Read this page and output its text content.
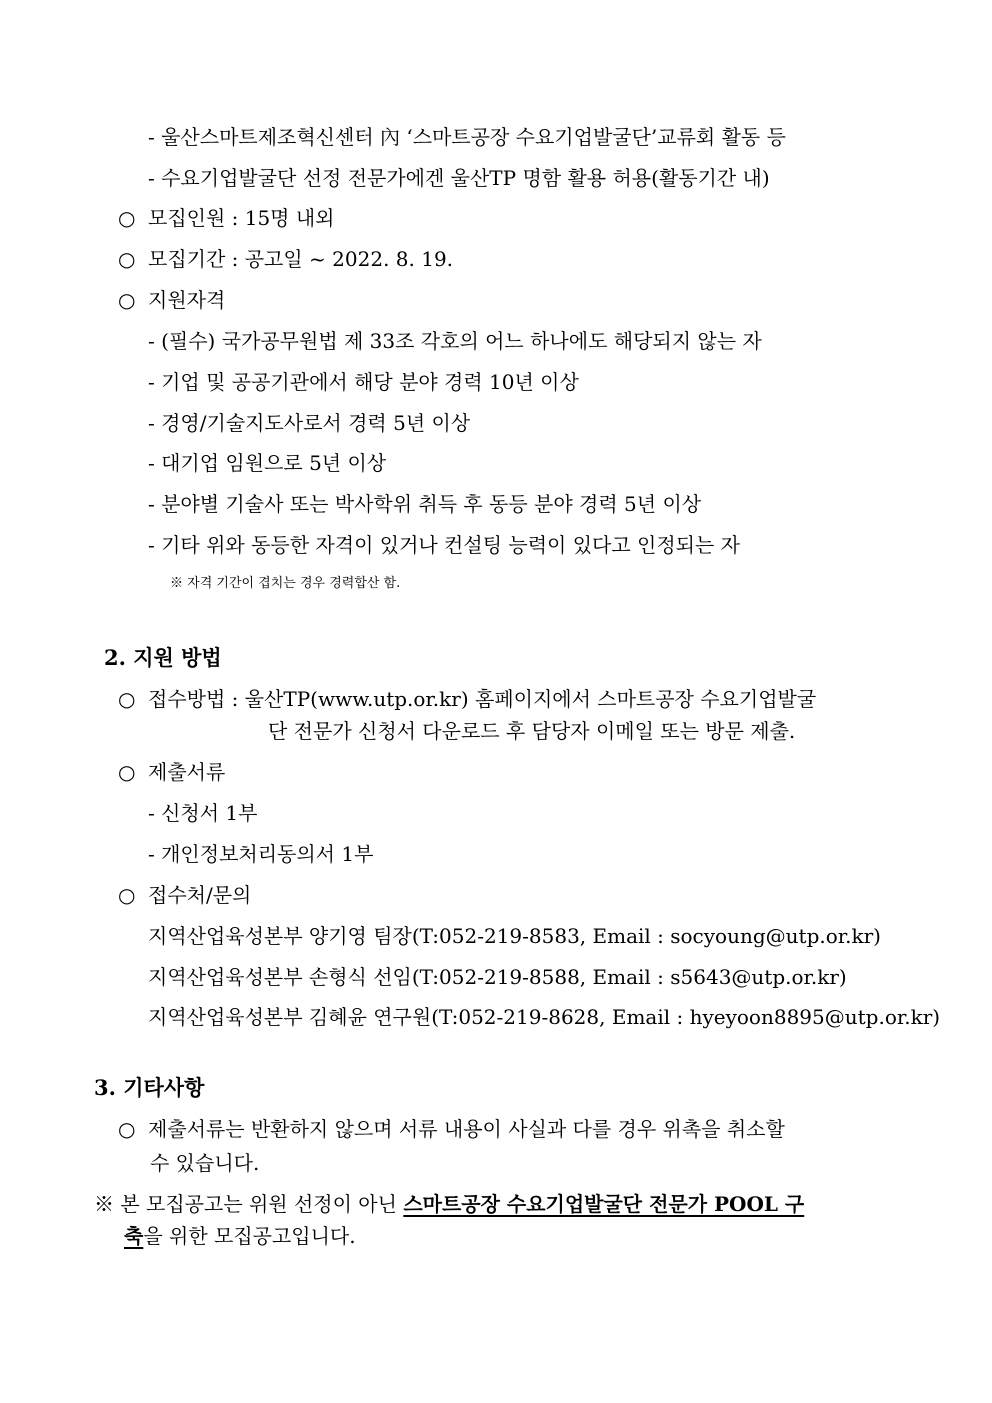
- 울산스마트제조혁신센터 內 ‘스마트공장 수요기업발굴단’교류회 활동 등
- 수요기업발굴단 선정 전문가에겐 울산TP 명함 활용 허용(활동기간 내)
○ 모집인원 : 15명 내외
○ 모집기간 : 공고일 ~ 2022. 8. 19.
○ 지원자격
- (필수) 국가공무원법 제 33조 각호의 어느 하나에도 해당되지 않는 자
- 기업 및 공공기관에서 해당 분야 경력 10년 이상
- 경영/기술지도사로서 경력 5년 이상
- 대기업 임원으로 5년 이상
- 분야별 기술사 또는 박사학위 취득 후 동등 분야 경력 5년 이상
- 기타 위와 동등한 자격이 있거나 컨설팅 능력이 있다고 인정되는 자
※ 자격 기간이 겹치는 경우 경력합산 함.
2. 지원 방법
○ 접수방법 : 울산TP(www.utp.or.kr) 홈페이지에서 스마트공장 수요기업발굴
단 전문가 신청서 다운로드 후 담당자 이메일 또는 방문 제출.
○ 제출서류
- 신청서 1부
- 개인정보처리동의서 1부
○ 접수처/문의
지역산업육성본부 양기영 팀장(T:052-219-8583, Email : socyoung@utp.or.kr)
지역산업육성본부 손형식 선임(T:052-219-8588, Email : s5643@utp.or.kr)
지역산업육성본부 김혜윤 연구원(T:052-219-8628, Email : hyeyoon8895@utp.or.kr)
3. 기타사항
○ 제출서류는 반환하지 않으며 서류 내용이 사실과 다를 경우 위촉을 취소할
수 있습니다.
※ 본 모집공고는 위원 선정이 아닌 스마트공장 수요기업발굴단 전문가 POOL 구
축을 위한 모집공고입니다.
